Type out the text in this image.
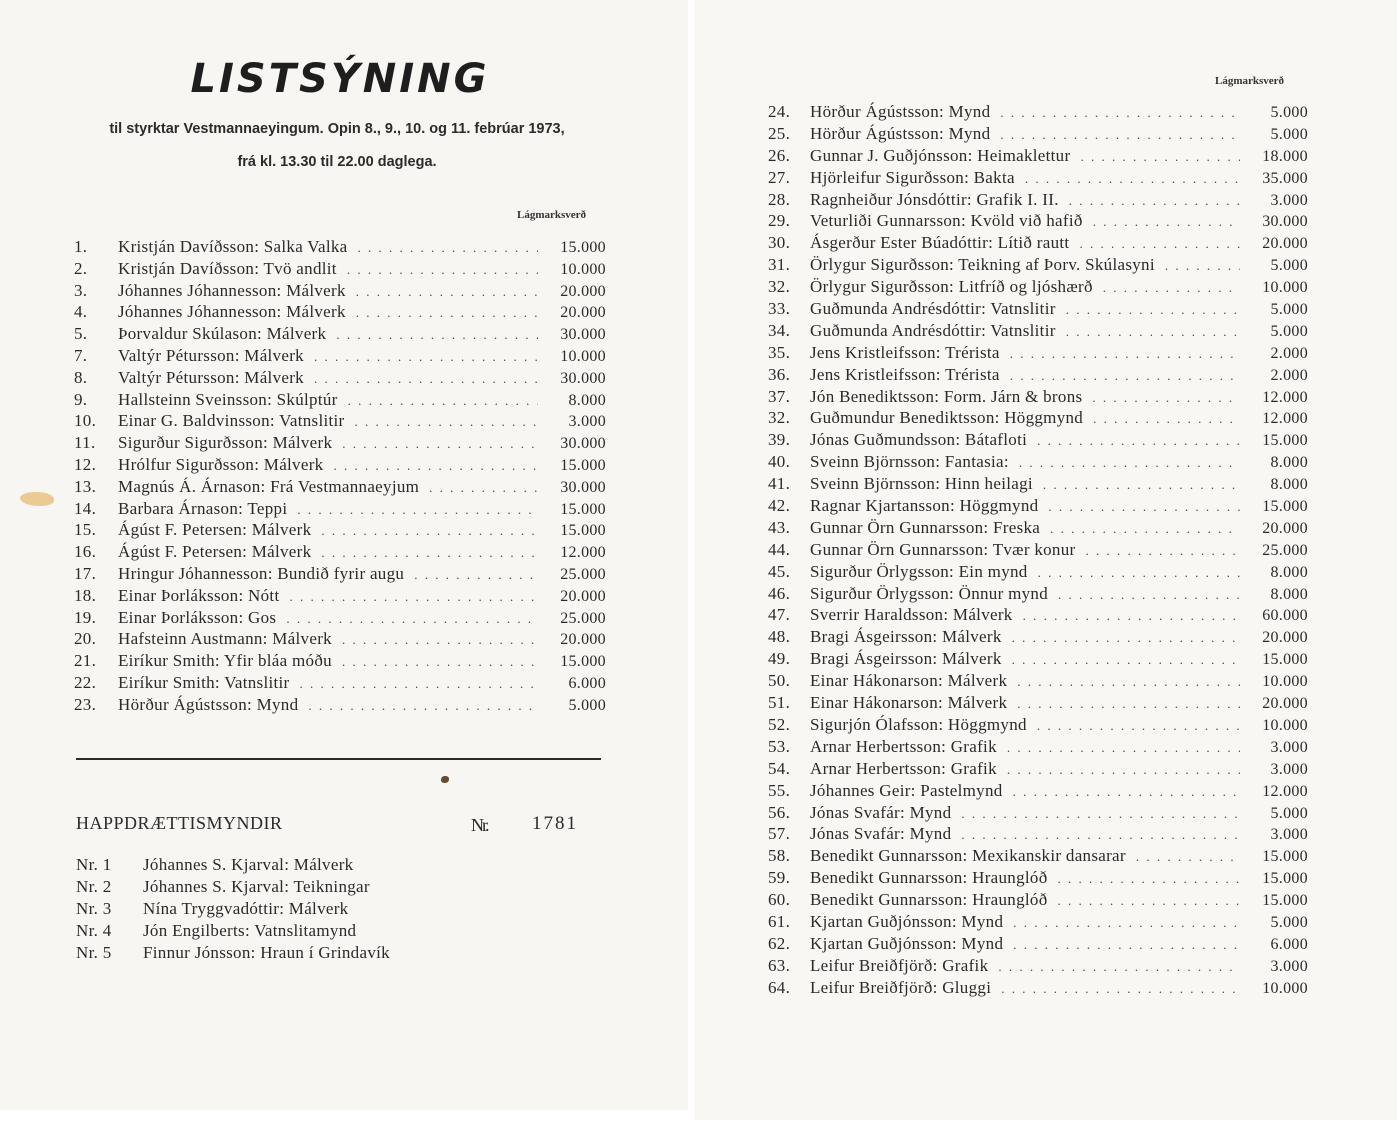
LISTSÝNING
til styrktar Vestmannaeyingum. Opin 8., 9., 10. og 11. febrúar 1973,
frá kl. 13.30 til 22.00 daglega.
Lágmarksverð
1.	Kristján Davíðsson: Salka Valka . . .	15.000
2.	Kristján Davíðsson: Tvö andlit . . .	10.000
3.	Jóhannes Jóhannesson: Málverk . . .	20.000
4.	Jóhannes Jóhannesson: Málverk . . .	20.000
5.	Þorvaldur Skúlason: Málverk . . .	30.000
7.	Valtýr Pétursson: Málverk . . .	10.000
8.	Valtýr Pétursson: Málverk . . .	30.000
9.	Hallsteinn Sveinsson: Skúlptúr . . .	8.000
10.	Einar G. Baldvinsson: Vatnslitir . . .	3.000
11.	Sigurður Sigurðsson: Málverk . . .	30.000
12.	Hrólfur Sigurðsson: Málverk . . .	15.000
13.	Magnús Á. Árnason: Frá Vestmannaeyjum . . .	30.000
14.	Barbara Árnason: Teppi . . .	15.000
15.	Ágúst F. Petersen: Málverk . . .	15.000
16.	Ágúst F. Petersen: Málverk . . .	12.000
17.	Hringur Jóhannesson: Bundið fyrir augu . . .	25.000
18.	Einar Þorláksson: Nótt . . .	20.000
19.	Einar Þorláksson: Gos . . .	25.000
20.	Hafsteinn Austmann: Málverk . . .	20.000
21.	Eiríkur Smith: Yfir bláa móðu . . .	15.000
22.	Eiríkur Smith: Vatnslitir . . .	6.000
23.	Hörður Ágústsson: Mynd . . .	5.000
HAPPDRÆTTISMYNDIR	Nr. 1781
Nr. 1	Jóhannes S. Kjarval: Málverk
Nr. 2	Jóhannes S. Kjarval: Teikningar
Nr. 3	Nína Tryggvadóttir: Málverk
Nr. 4	Jón Engilberts: Vatnslitamynd
Nr. 5	Finnur Jónsson: Hraun í Grindavík
Lágmarksverð
24.	Hörður Ágústsson: Mynd . . .	5.000
25.	Hörður Ágústsson: Mynd . . .	5.000
26.	Gunnar J. Guðjónsson: Heimaklettur . . .	18.000
27.	Hjörleifur Sigurðsson: Bakta . . .	35.000
28.	Ragnheiður Jónsdóttir: Grafik I. II. . . .	3.000
29.	Veturliði Gunnarsson: Kvöld við hafið . . .	30.000
30.	Ásgerður Ester Búadóttir: Lítið rautt . . .	20.000
31.	Örlygur Sigurðsson: Teikning af Þorv. Skúlasyni . . .	5.000
32.	Örlygur Sigurðsson: Litfríð og ljóshærð . . .	10.000
33.	Guðmunda Andrésdóttir: Vatnslitir . . .	5.000
34.	Guðmunda Andrésdóttir: Vatnslitir . . .	5.000
35.	Jens Kristleifsson: Trérista . . .	2.000
36.	Jens Kristleifsson: Trérista . . .	2.000
37.	Jón Benediktsson: Form. Járn & brons . . .	12.000
32.	Guðmundur Benediktsson: Höggmynd . . .	12.000
39.	Jónas Guðmundsson: Bátafloti . . .	15.000
40.	Sveinn Björnsson: Fantasia: . . .	8.000
41.	Sveinn Björnsson: Hinn heilagi . . .	8.000
42.	Ragnar Kjartansson: Höggmynd . . .	15.000
43.	Gunnar Örn Gunnarsson: Freska . . .	20.000
44.	Gunnar Örn Gunnarsson: Tvær konur . . .	25.000
45.	Sigurður Örlygsson: Ein mynd . . .	8.000
46.	Sigurður Örlygsson: Önnur mynd . . .	8.000
47.	Sverrir Haraldsson: Málverk . . .	60.000
48.	Bragi Ásgeirsson: Málverk . . .	20.000
49.	Bragi Ásgeirsson: Málverk . . .	15.000
50.	Einar Hákonarson: Málverk . . .	10.000
51.	Einar Hákonarson: Málverk . . .	20.000
52.	Sigurjón Ólafsson: Höggmynd . . .	10.000
53.	Arnar Herbertsson: Grafik . . .	3.000
54.	Arnar Herbertsson: Grafik . . .	3.000
55.	Jóhannes Geir: Pastelmynd . . .	12.000
56.	Jónas Svafár: Mynd . . .	5.000
57.	Jónas Svafár: Mynd . . .	3.000
58.	Benedikt Gunnarsson: Mexikanskir dansarar . . .	15.000
59.	Benedikt Gunnarsson: Hraunglóð . . .	15.000
60.	Benedikt Gunnarsson: Hraunglóð . . .	15.000
61.	Kjartan Guðjónsson: Mynd . . .	5.000
62.	Kjartan Guðjónsson: Mynd . . .	6.000
63.	Leifur Breiðfjörð: Grafik . . .	3.000
64.	Leifur Breiðfjörð: Gluggi . . .	10.000
